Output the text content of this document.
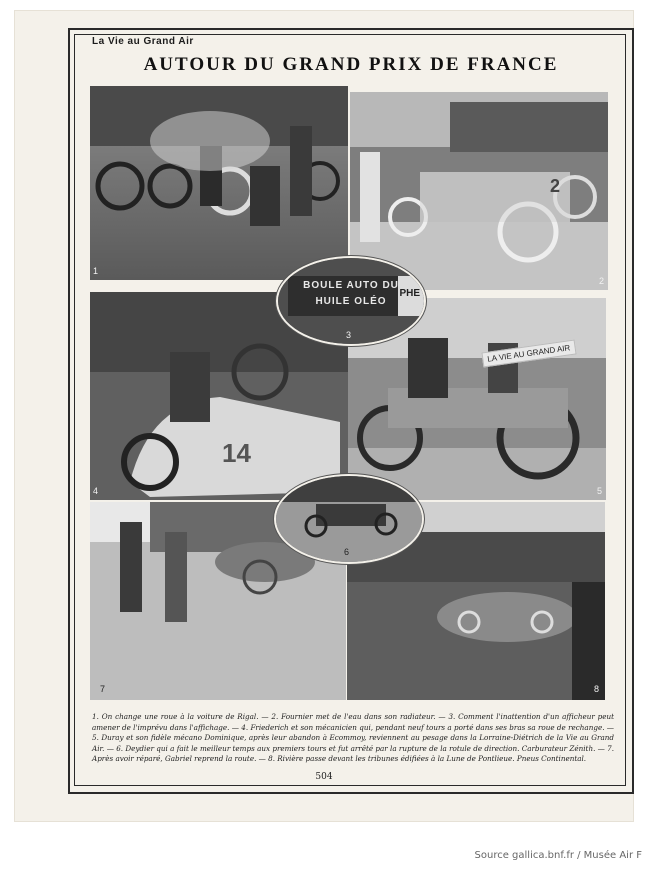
La Vie au Grand Air
AUTOUR DU GRAND PRIX DE FRANCE
1
2
2
14
4
LA VIE AU GRAND AIR
5
BOULE AUTO DU
HUILE OLÉO
PHE
3
7	8
6
1. On change une roue à la voiture de Rigal. — 2. Fournier met de l'eau dans son radiateur. — 3. Comment l'inattention d'un afficheur peut amener de l'imprévu dans l'affichage. — 4. Friederich et son mécanicien qui, pendant neuf tours a porté dans ses bras sa roue de rechange. — 5. Duray et son fidèle mécano Dominique, après leur abandon à Ecommoy, reviennent au pesage dans la Lorraine-Diétrich de la Vie au Grand Air. — 6. Deydier qui a fait le meilleur temps aux premiers tours et fut arrêté par la rupture de la rotule de direction. Carburateur Zénith. — 7. Après avoir réparé, Gabriel reprend la route. — 8. Rivière passe devant les tribunes édifiées à la Lune de Pontlieue. Pneus Continental.
504
Source gallica.bnf.fr / Musée Air F
